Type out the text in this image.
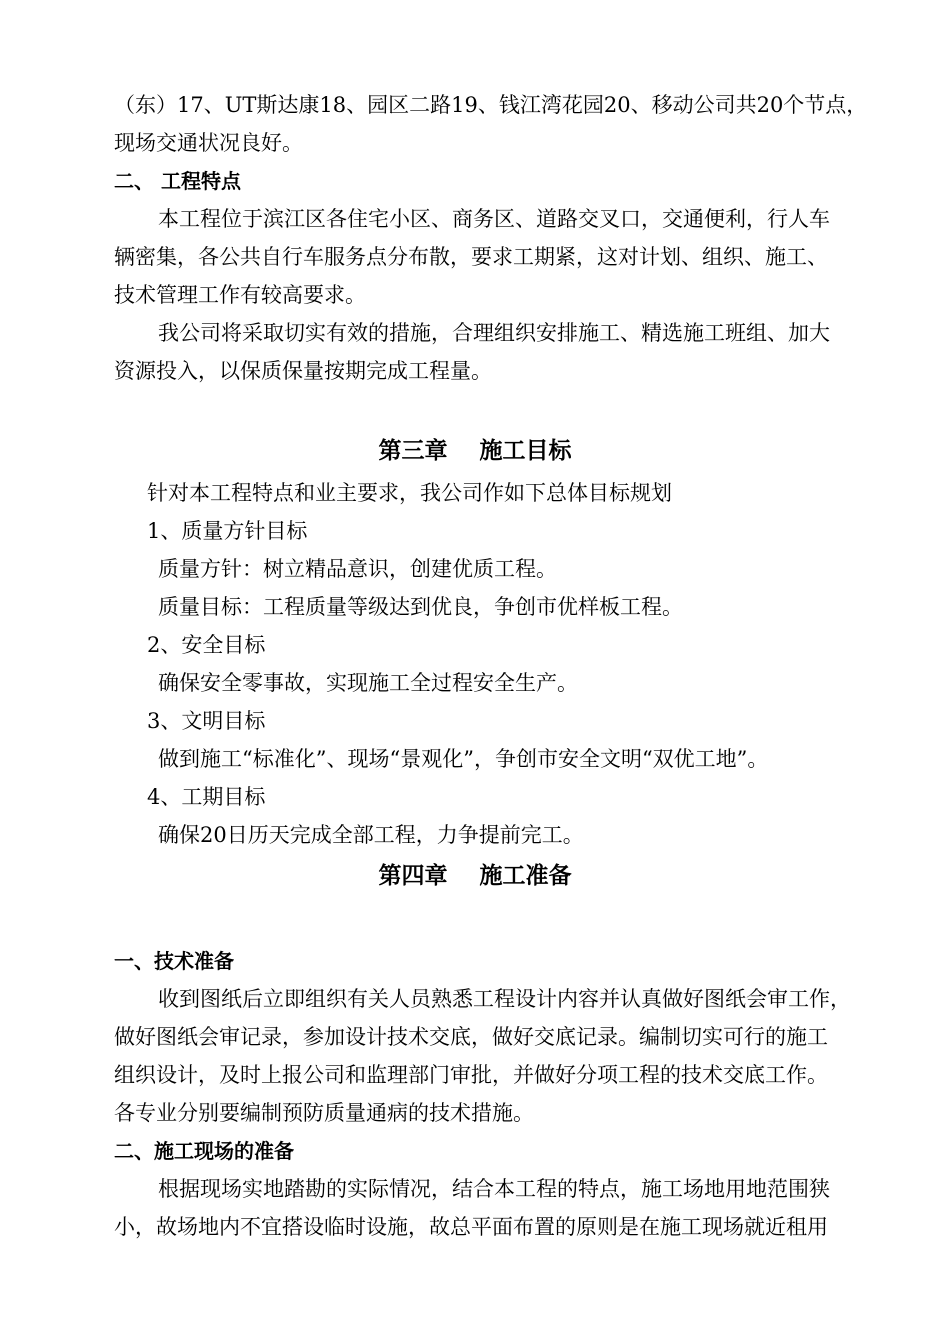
（东）17、UT斯达康18、园区二路19、钱江湾花园20、移动公司共20个节点，
现场交通状况良好。
二、 工程特点
本工程位于滨江区各住宅小区、商务区、道路交叉口，交通便利，行人车
辆密集，各公共自行车服务点分布散，要求工期紧，这对计划、组织、施工、
技术管理工作有较高要求。
我公司将采取切实有效的措施，合理组织安排施工、精选施工班组、加大
资源投入，以保质保量按期完成工程量。
第三章    施工目标
针对本工程特点和业主要求，我公司作如下总体目标规划
1、质量方针目标
质量方针：树立精品意识，创建优质工程。
质量目标：工程质量等级达到优良，争创市优样板工程。
2、安全目标
确保安全零事故，实现施工全过程安全生产。
3、文明目标
做到施工“标准化”、现场“景观化”，争创市安全文明“双优工地”。
4、工期目标
确保20日历天完成全部工程，力争提前完工。
第四章    施工准备
一、技术准备
收到图纸后立即组织有关人员熟悉工程设计内容并认真做好图纸会审工作，
做好图纸会审记录，参加设计技术交底，做好交底记录。编制切实可行的施工
组织设计，及时上报公司和监理部门审批，并做好分项工程的技术交底工作。
各专业分别要编制预防质量通病的技术措施。
二、施工现场的准备
根据现场实地踏勘的实际情况，结合本工程的特点，施工场地用地范围狭
小，故场地内不宜搭设临时设施，故总平面布置的原则是在施工现场就近租用
